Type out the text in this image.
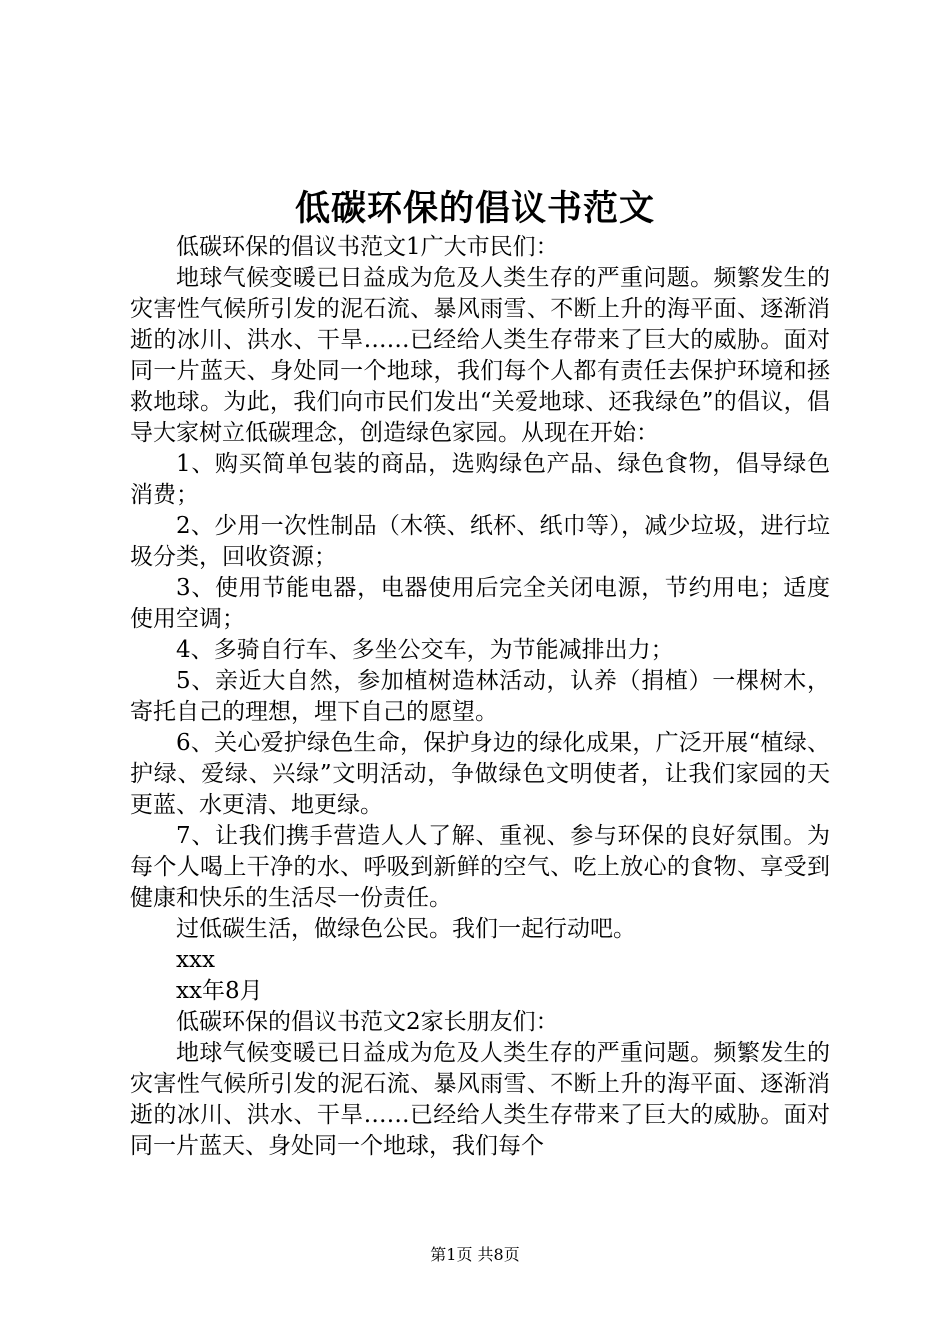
低碳环保的倡议书范文

低碳环保的倡议书范文1广大市民们：

地球气候变暖已日益成为危及人类生存的严重问题。频繁发生的灾害性气候所引发的泥石流、暴风雨雪、不断上升的海平面、逐渐消逝的冰川、洪水、干旱……已经给人类生存带来了巨大的威胁。面对同一片蓝天、身处同一个地球，我们每个人都有责任去保护环境和拯救地球。为此，我们向市民们发出“关爱地球、还我绿色”的倡议，倡导大家树立低碳理念，创造绿色家园。从现在开始：

1、购买简单包装的商品，选购绿色产品、绿色食物，倡导绿色消费；

2、少用一次性制品（木筷、纸杯、纸巾等），减少垃圾，进行垃圾分类，回收资源；

3、使用节能电器，电器使用后完全关闭电源，节约用电；适度使用空调；

4、多骑自行车、多坐公交车，为节能减排出力；

5、亲近大自然，参加植树造林活动，认养（捐植）一棵树木，寄托自己的理想，埋下自己的愿望。

6、关心爱护绿色生命，保护身边的绿化成果，广泛开展“植绿、护绿、爱绿、兴绿”文明活动，争做绿色文明使者，让我们家园的天更蓝、水更清、地更绿。

7、让我们携手营造人人了解、重视、参与环保的良好氛围。为每个人喝上干净的水、呼吸到新鲜的空气、吃上放心的食物、享受到健康和快乐的生活尽一份责任。

过低碳生活，做绿色公民。我们一起行动吧。

xxx

xx年8月

低碳环保的倡议书范文2家长朋友们：

地球气候变暖已日益成为危及人类生存的严重问题。频繁发生的灾害性气候所引发的泥石流、暴风雨雪、不断上升的海平面、逐渐消逝的冰川、洪水、干旱……已经给人类生存带来了巨大的威胁。面对同一片蓝天、身处同一个地球，我们每个

第1页 共8页
